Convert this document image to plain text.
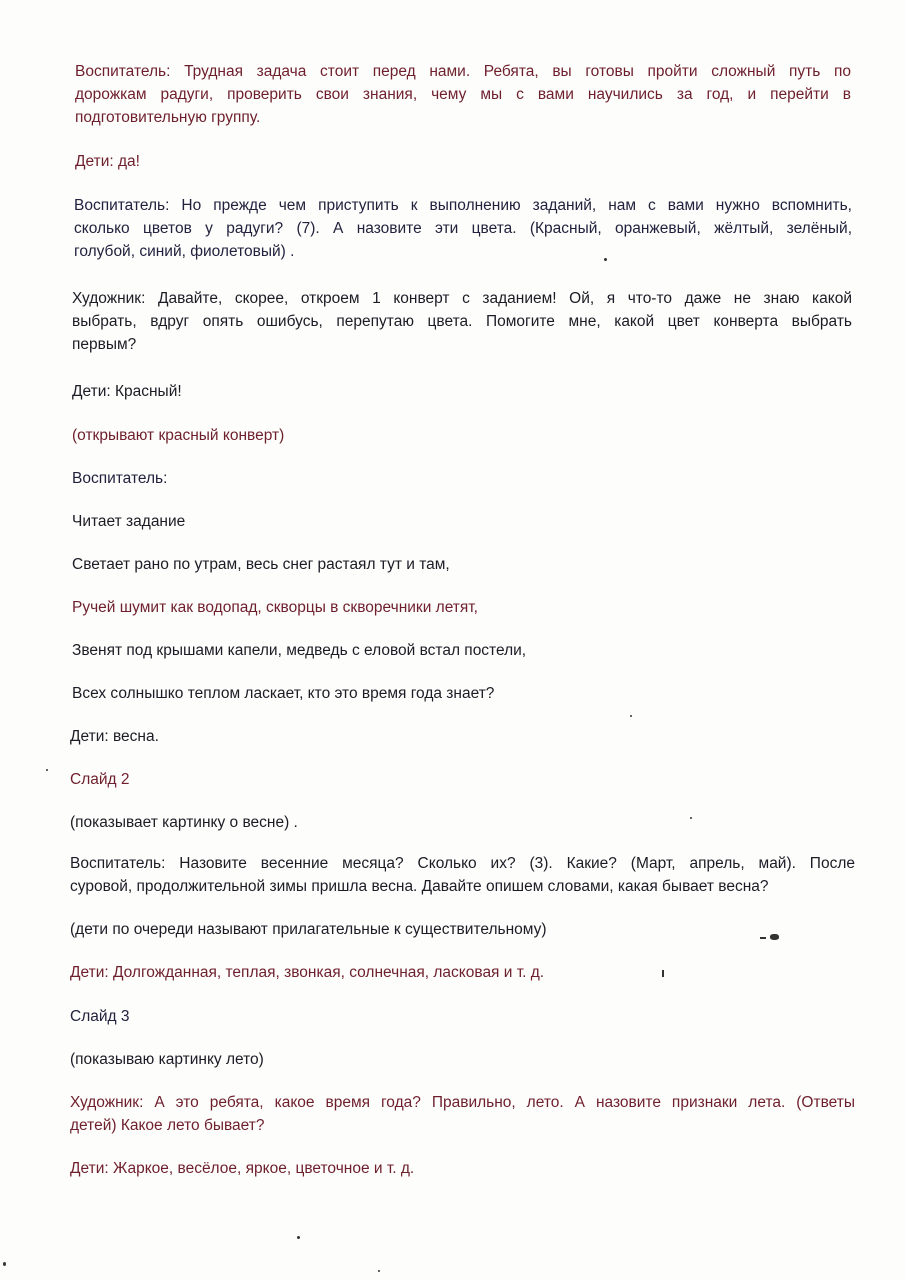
Воспитатель: Трудная задача стоит перед нами. Ребята, вы готовы пройти сложный путь по
дорожкам радуги, проверить свои знания, чему мы с вами научились за год, и перейти в
подготовительную группу.
Дети: да!
Воспитатель: Но прежде чем приступить к выполнению заданий, нам с вами нужно вспомнить,
сколько цветов у радуги? (7). А назовите эти цвета. (Красный, оранжевый, жёлтый, зелёный,
голубой, синий, фиолетовый) .
Художник: Давайте, скорее, откроем 1 конверт с заданием! Ой, я что-то даже не знаю какой
выбрать, вдруг опять ошибусь, перепутаю цвета. Помогите мне, какой цвет конверта выбрать
первым?
Дети: Красный!
(открывают красный конверт)
Воспитатель:
Читает задание
Светает рано по утрам, весь снег растаял тут и там,
Ручей шумит как водопад, скворцы в скворечники летят,
Звенят под крышами капели, медведь с еловой встал постели,
Всех солнышко теплом ласкает, кто это время года знает?
Дети: весна.
Слайд 2
(показывает картинку о весне) .
Воспитатель: Назовите весенние месяца? Сколько их? (3). Какие? (Март, апрель, май). После
суровой, продолжительной зимы пришла весна. Давайте опишем словами, какая бывает весна?
(дети по очереди называют прилагательные к существительному)
Дети: Долгожданная, теплая, звонкая, солнечная, ласковая и т. д.
Слайд 3
(показываю картинку лето)
Художник: А это ребята, какое время года? Правильно, лето. А назовите признаки лета. (Ответы
детей) Какое лето бывает?
Дети: Жаркое, весёлое, яркое, цветочное и т. д.
